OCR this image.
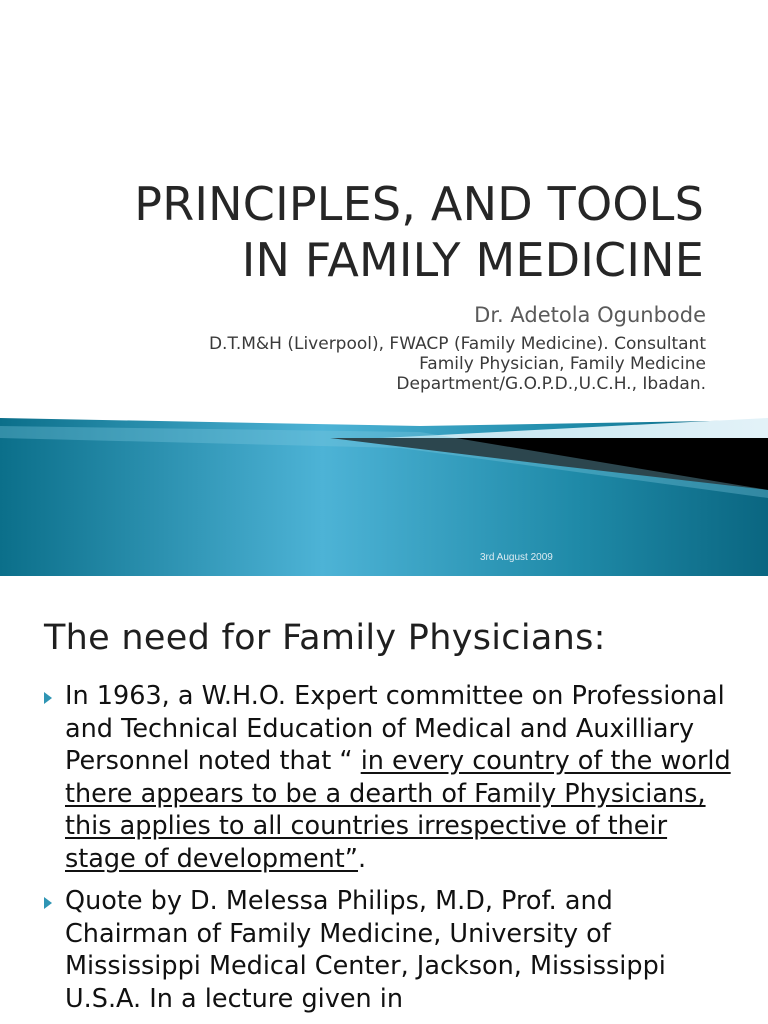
PRINCIPLES, AND TOOLS
IN FAMILY MEDICINE
Dr. Adetola Ogunbode
D.T.M&H (Liverpool), FWACP (Family Medicine). Consultant
Family Physician, Family Medicine
Department/G.O.P.D.,U.C.H., Ibadan.
3rd August 2009
The need for Family Physicians:
In 1963, a W.H.O. Expert committee on Professional and Technical Education of Medical and Auxilliary Personnel noted that “ in every country of the world there appears to be a dearth of Family Physicians, this applies to all countries irrespective of their stage of development”.
Quote by D. Melessa Philips, M.D, Prof. and Chairman of Family Medicine, University of Mississippi Medical Center, Jackson, Mississippi U.S.A. In a lecture given in
